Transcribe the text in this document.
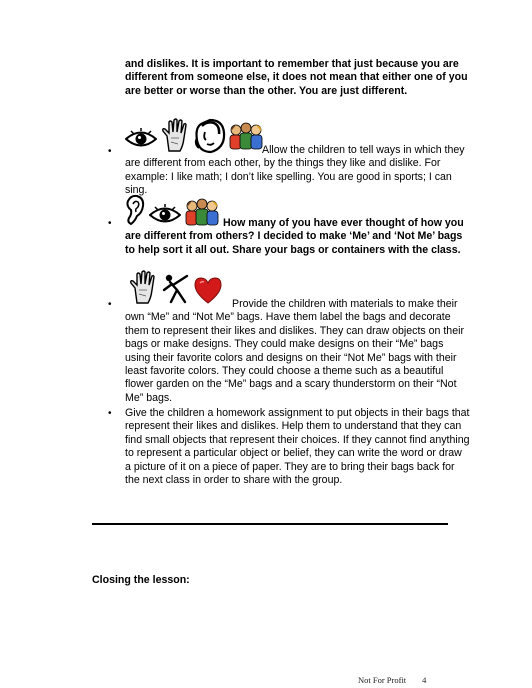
and dislikes. It is important to remember that just because you are different from someone else, it does not mean that either one of you are better or worse than the other. You are just different.
•	Allow the children to tell ways in which they are different from each other, by the things they like and dislike. For example: I like math; I don’t like spelling. You are good in sports; I can sing.
•	How many of you have ever thought of how you are different from others? I decided to make ‘Me’ and ‘Not Me’ bags to help sort it all out. Share your bags or containers with the class.
•	Provide the children with materials to make their own “Me” and “Not Me” bags. Have them label the bags and decorate them to represent their likes and dislikes. They can draw objects on their bags or make designs. They could make designs on their “Me” bags using their favorite colors and designs on their “Not Me” bags with their least favorite colors. They could choose a theme such as a beautiful flower garden on the “Me” bags and a scary thunderstorm on their “Not Me” bags.
• Give the children a homework assignment to put objects in their bags that represent their likes and dislikes. Help them to understand that they can find small objects that represent their choices. If they cannot find anything to represent a particular object or belief, they can write the word or draw a picture of it on a piece of paper. They are to bring their bags back for the next class in order to share with the group.
Closing the lesson:
Not For Profit 4
